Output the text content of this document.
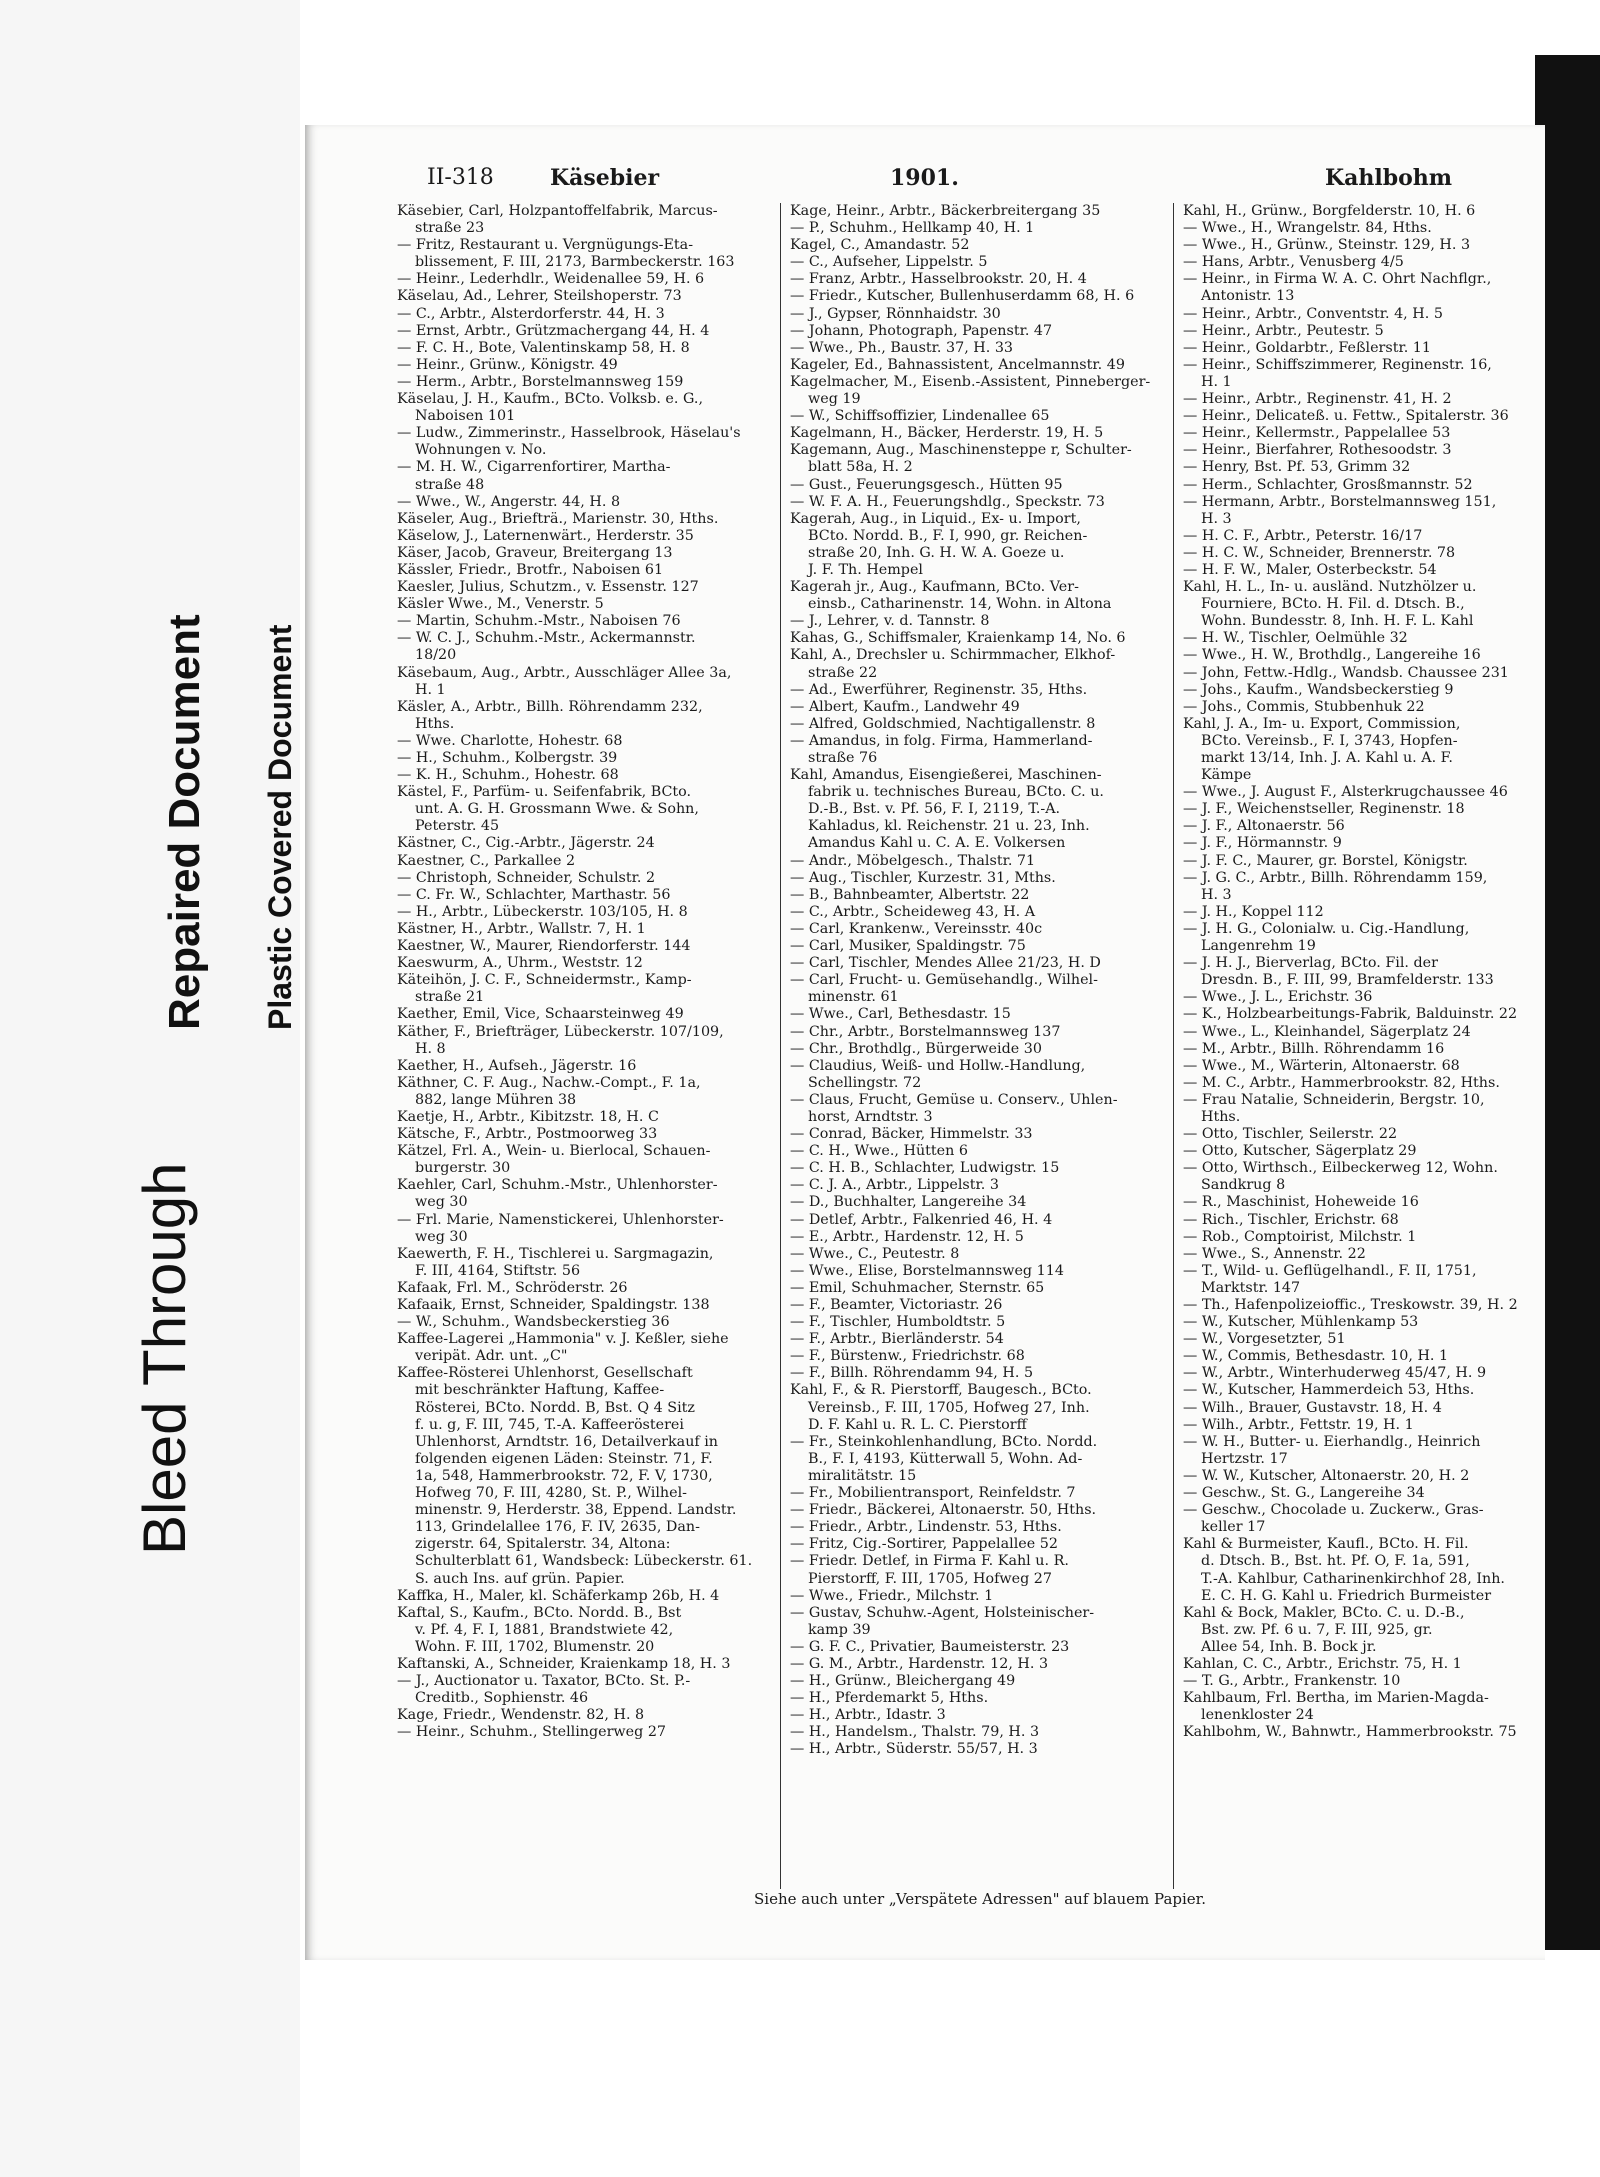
Bleed Through
Repaired Document Plastic Covered Document
II-318	Käsebier	1901.	Kahlbohm
Käsebier, Carl, Holzpantoffelfabrik, Marcus-
straße 23
— Fritz, Restaurant u. Vergnügungs-Eta-
blissement, F. III, 2173, Barmbeckerstr. 163
— Heinr., Lederhdlr., Weidenallee 59, H. 6
Käselau, Ad., Lehrer, Steilshoperstr. 73
— C., Arbtr., Alsterdorferstr. 44, H. 3
— Ernst, Arbtr., Grützmachergang 44, H. 4
— F. C. H., Bote, Valentinskamp 58, H. 8
— Heinr., Grünw., Königstr. 49
— Herm., Arbtr., Borstelmannsweg 159
Käselau, J. H., Kaufm., BCto. Volksb. e. G.,
Naboisen 101
— Ludw., Zimmerinstr., Hasselbrook, Häselau's
Wohnungen v. No.
— M. H. W., Cigarrenfortirer, Martha-
straße 48
— Wwe., W., Angerstr. 44, H. 8
Käseler, Aug., Briefträ., Marienstr. 30, Hths.
Käselow, J., Laternenwärt., Herderstr. 35
Käser, Jacob, Graveur, Breitergang 13
Kässler, Friedr., Brotfr., Naboisen 61
Kaesler, Julius, Schutzm., v. Essenstr. 127
Käsler Wwe., M., Venerstr. 5
— Martin, Schuhm.-Mstr., Naboisen 76
— W. C. J., Schuhm.-Mstr., Ackermannstr.
18/20
Käsebaum, Aug., Arbtr., Ausschläger Allee 3a,
H. 1
Käsler, A., Arbtr., Billh. Röhrendamm 232,
Hths.
— Wwe. Charlotte, Hohestr. 68
— H., Schuhm., Kolbergstr. 39
— K. H., Schuhm., Hohestr. 68
Kästel, F., Parfüm- u. Seifenfabrik, BCto.
unt. A. G. H. Grossmann Wwe. & Sohn,
Peterstr. 45
Kästner, C., Cig.-Arbtr., Jägerstr. 24
Kaestner, C., Parkallee 2
— Christoph, Schneider, Schulstr. 2
— C. Fr. W., Schlachter, Marthastr. 56
— H., Arbtr., Lübeckerstr. 103/105, H. 8
Kästner, H., Arbtr., Wallstr. 7, H. 1
Kaestner, W., Maurer, Riendorferstr. 144
Kaeswurm, A., Uhrm., Weststr. 12
Käteihön, J. C. F., Schneidermstr., Kamp-
straße 21
Kaether, Emil, Vice, Schaarsteinweg 49
Käther, F., Briefträger, Lübeckerstr. 107/109,
H. 8
Kaether, H., Aufseh., Jägerstr. 16
Käthner, C. F. Aug., Nachw.-Compt., F. 1a,
882, lange Mühren 38
Kaetje, H., Arbtr., Kibitzstr. 18, H. C
Kätsche, F., Arbtr., Postmoorweg 33
Kätzel, Frl. A., Wein- u. Bierlocal, Schauen-
burgerstr. 30
Kaehler, Carl, Schuhm.-Mstr., Uhlenhorster-
weg 30
— Frl. Marie, Namenstickerei, Uhlenhorster-
weg 30
Kaewerth, F. H., Tischlerei u. Sargmagazin,
F. III, 4164, Stiftstr. 56
Kafaak, Frl. M., Schröderstr. 26
Kafaaik, Ernst, Schneider, Spaldingstr. 138
— W., Schuhm., Wandsbeckerstieg 36
Kaffee-Lagerei „Hammonia" v. J. Keßler, siehe
veripät. Adr. unt. „C"
Kaffee-Rösterei Uhlenhorst, Gesellschaft
mit beschränkter Haftung, Kaffee-
Rösterei, BCto. Nordd. B, Bst. Q 4 Sitz
f. u. g, F. III, 745, T.-A. Kaffeerösterei
Uhlenhorst, Arndtstr. 16, Detailverkauf in
folgenden eigenen Läden: Steinstr. 71, F.
1a, 548, Hammerbrookstr. 72, F. V, 1730,
Hofweg 70, F. III, 4280, St. P., Wilhel-
minenstr. 9, Herderstr. 38, Eppend. Landstr.
113, Grindelallee 176, F. IV, 2635, Dan-
zigerstr. 64, Spitalerstr. 34, Altona:
Schulterblatt 61, Wandsbeck: Lübeckerstr. 61.
S. auch Ins. auf grün. Papier.
Kaffka, H., Maler, kl. Schäferkamp 26b, H. 4
Kaftal, S., Kaufm., BCto. Nordd. B., Bst
v. Pf. 4, F. I, 1881, Brandstwiete 42,
Wohn. F. III, 1702, Blumenstr. 20
Kaftanski, A., Schneider, Kraienkamp 18, H. 3
— J., Auctionator u. Taxator, BCto. St. P.-
Creditb., Sophienstr. 46
Kage, Friedr., Wendenstr. 82, H. 8
— Heinr., Schuhm., Stellingerweg 27
Kage, Heinr., Arbtr., Bäckerbreitergang 35
— P., Schuhm., Hellkamp 40, H. 1
Kagel, C., Amandastr. 52
— C., Aufseher, Lippelstr. 5
— Franz, Arbtr., Hasselbrookstr. 20, H. 4
— Friedr., Kutscher, Bullenhuserdamm 68, H. 6
— J., Gypser, Rönnhaidstr. 30
— Johann, Photograph, Papenstr. 47
— Wwe., Ph., Baustr. 37, H. 33
Kageler, Ed., Bahnassistent, Ancelmannstr. 49
Kagelmacher, M., Eisenb.-Assistent, Pinneberger-
weg 19
— W., Schiffsoffizier, Lindenallee 65
Kagelmann, H., Bäcker, Herderstr. 19, H. 5
Kagemann, Aug., Maschinensteppe r, Schulter-
blatt 58a, H. 2
— Gust., Feuerungsgesch., Hütten 95
— W. F. A. H., Feuerungshdlg., Speckstr. 73
Kagerah, Aug., in Liquid., Ex- u. Import,
BCto. Nordd. B., F. I, 990, gr. Reichen-
straße 20, Inh. G. H. W. A. Goeze u.
J. F. Th. Hempel
Kagerah jr., Aug., Kaufmann, BCto. Ver-
einsb., Catharinenstr. 14, Wohn. in Altona
— J., Lehrer, v. d. Tannstr. 8
Kahas, G., Schiffsmaler, Kraienkamp 14, No. 6
Kahl, A., Drechsler u. Schirmmacher, Elkhof-
straße 22
— Ad., Ewerführer, Reginenstr. 35, Hths.
— Albert, Kaufm., Landwehr 49
— Alfred, Goldschmied, Nachtigallenstr. 8
— Amandus, in folg. Firma, Hammerland-
straße 76
Kahl, Amandus, Eisengießerei, Maschinen-
fabrik u. technisches Bureau, BCto. C. u.
D.-B., Bst. v. Pf. 56, F. I, 2119, T.-A.
Kahladus, kl. Reichenstr. 21 u. 23, Inh.
Amandus Kahl u. C. A. E. Volkersen
— Andr., Möbelgesch., Thalstr. 71
— Aug., Tischler, Kurzestr. 31, Mths.
— B., Bahnbeamter, Albertstr. 22
— C., Arbtr., Scheideweg 43, H. A
— Carl, Krankenw., Vereinsstr. 40c
— Carl, Musiker, Spaldingstr. 75
— Carl, Tischler, Mendes Allee 21/23, H. D
— Carl, Frucht- u. Gemüsehandlg., Wilhel-
minenstr. 61
— Wwe., Carl, Bethesdastr. 15
— Chr., Arbtr., Borstelmannsweg 137
— Chr., Brothdlg., Bürgerweide 30
— Claudius, Weiß- und Hollw.-Handlung,
Schellingstr. 72
— Claus, Frucht, Gemüse u. Conserv., Uhlen-
horst, Arndtstr. 3
— Conrad, Bäcker, Himmelstr. 33
— C. H., Wwe., Hütten 6
— C. H. B., Schlachter, Ludwigstr. 15
— C. J. A., Arbtr., Lippelstr. 3
— D., Buchhalter, Langereihe 34
— Detlef, Arbtr., Falkenried 46, H. 4
— E., Arbtr., Hardenstr. 12, H. 5
— Wwe., C., Peutestr. 8
— Wwe., Elise, Borstelmannsweg 114
— Emil, Schuhmacher, Sternstr. 65
— F., Beamter, Victoriastr. 26
— F., Tischler, Humboldtstr. 5
— F., Arbtr., Bierländerstr. 54
— F., Bürstenw., Friedrichstr. 68
— F., Billh. Röhrendamm 94, H. 5
Kahl, F., & R. Pierstorff, Baugesch., BCto.
Vereinsb., F. III, 1705, Hofweg 27, Inh.
D. F. Kahl u. R. L. C. Pierstorff
— Fr., Steinkohlenhandlung, BCto. Nordd.
B., F. I, 4193, Kütterwall 5, Wohn. Ad-
miralitätstr. 15
— Fr., Mobilientransport, Reinfeldstr. 7
— Friedr., Bäckerei, Altonaerstr. 50, Hths.
— Friedr., Arbtr., Lindenstr. 53, Hths.
— Fritz, Cig.-Sortirer, Pappelallee 52
— Friedr. Detlef, in Firma F. Kahl u. R.
Pierstorff, F. III, 1705, Hofweg 27
— Wwe., Friedr., Milchstr. 1
— Gustav, Schuhw.-Agent, Holsteinischer-
kamp 39
— G. F. C., Privatier, Baumeisterstr. 23
— G. M., Arbtr., Hardenstr. 12, H. 3
— H., Grünw., Bleichergang 49
— H., Pferdemarkt 5, Hths.
— H., Arbtr., Idastr. 3
— H., Handelsm., Thalstr. 79, H. 3
— H., Arbtr., Süderstr. 55/57, H. 3
Kahl, H., Grünw., Borgfelderstr. 10, H. 6
— Wwe., H., Wrangelstr. 84, Hths.
— Wwe., H., Grünw., Steinstr. 129, H. 3
— Hans, Arbtr., Venusberg 4/5
— Heinr., in Firma W. A. C. Ohrt Nachflgr.,
Antonistr. 13
— Heinr., Arbtr., Conventstr. 4, H. 5
— Heinr., Arbtr., Peutestr. 5
— Heinr., Goldarbtr., Feßlerstr. 11
— Heinr., Schiffszimmerer, Reginenstr. 16,
H. 1
— Heinr., Arbtr., Reginenstr. 41, H. 2
— Heinr., Delicateß. u. Fettw., Spitalerstr. 36
— Heinr., Kellermstr., Pappelallee 53
— Heinr., Bierfahrer, Rothesoodstr. 3
— Henry, Bst. Pf. 53, Grimm 32
— Herm., Schlachter, Grosßmannstr. 52
— Hermann, Arbtr., Borstelmannsweg 151,
H. 3
— H. C. F., Arbtr., Peterstr. 16/17
— H. C. W., Schneider, Brennerstr. 78
— H. F. W., Maler, Osterbeckstr. 54
Kahl, H. L., In- u. ausländ. Nutzhölzer u.
Fourniere, BCto. H. Fil. d. Dtsch. B.,
Wohn. Bundesstr. 8, Inh. H. F. L. Kahl
— H. W., Tischler, Oelmühle 32
— Wwe., H. W., Brothdlg., Langereihe 16
— John, Fettw.-Hdlg., Wandsb. Chaussee 231
— Johs., Kaufm., Wandsbeckerstieg 9
— Johs., Commis, Stubbenhuk 22
Kahl, J. A., Im- u. Export, Commission,
BCto. Vereinsb., F. I, 3743, Hopfen-
markt 13/14, Inh. J. A. Kahl u. A. F.
Kämpe
— Wwe., J. August F., Alsterkrugchaussee 46
— J. F., Weichenstseller, Reginenstr. 18
— J. F., Altonaerstr. 56
— J. F., Hörmannstr. 9
— J. F. C., Maurer, gr. Borstel, Königstr.
— J. G. C., Arbtr., Billh. Röhrendamm 159,
H. 3
— J. H., Koppel 112
— J. H. G., Colonialw. u. Cig.-Handlung,
Langenrehm 19
— J. H. J., Bierverlag, BCto. Fil. der
Dresdn. B., F. III, 99, Bramfelderstr. 133
— Wwe., J. L., Erichstr. 36
— K., Holzbearbeitungs-Fabrik, Balduinstr. 22
— Wwe., L., Kleinhandel, Sägerplatz 24
— M., Arbtr., Billh. Röhrendamm 16
— Wwe., M., Wärterin, Altonaerstr. 68
— M. C., Arbtr., Hammerbrookstr. 82, Hths.
— Frau Natalie, Schneiderin, Bergstr. 10,
Hths.
— Otto, Tischler, Seilerstr. 22
— Otto, Kutscher, Sägerplatz 29
— Otto, Wirthsch., Eilbeckerweg 12, Wohn.
Sandkrug 8
— R., Maschinist, Hoheweide 16
— Rich., Tischler, Erichstr. 68
— Rob., Comptoirist, Milchstr. 1
— Wwe., S., Annenstr. 22
— T., Wild- u. Geflügelhandl., F. II, 1751,
Marktstr. 147
— Th., Hafenpolizeioffic., Treskowstr. 39, H. 2
— W., Kutscher, Mühlenkamp 53
— W., Vorgesetzter, 51
— W., Commis, Bethesdastr. 10, H. 1
— W., Arbtr., Winterhuderweg 45/47, H. 9
— W., Kutscher, Hammerdeich 53, Hths.
— Wilh., Brauer, Gustavstr. 18, H. 4
— Wilh., Arbtr., Fettstr. 19, H. 1
— W. H., Butter- u. Eierhandlg., Heinrich
Hertzstr. 17
— W. W., Kutscher, Altonaerstr. 20, H. 2
— Geschw., St. G., Langereihe 34
— Geschw., Chocolade u. Zuckerw., Gras-
keller 17
Kahl & Burmeister, Kaufl., BCto. H. Fil.
d. Dtsch. B., Bst. ht. Pf. O, F. 1a, 591,
T.-A. Kahlbur, Catharinenkirchhof 28, Inh.
E. C. H. G. Kahl u. Friedrich Burmeister
Kahl & Bock, Makler, BCto. C. u. D.-B.,
Bst. zw. Pf. 6 u. 7, F. III, 925, gr.
Allee 54, Inh. B. Bock jr.
Kahlan, C. C., Arbtr., Erichstr. 75, H. 1
— T. G., Arbtr., Frankenstr. 10
Kahlbaum, Frl. Bertha, im Marien-Magda-
lenenkloster 24
Kahlbohm, W., Bahnwtr., Hammerbrookstr. 75
Siehe auch unter „Verspätete Adressen" auf blauem Papier.
